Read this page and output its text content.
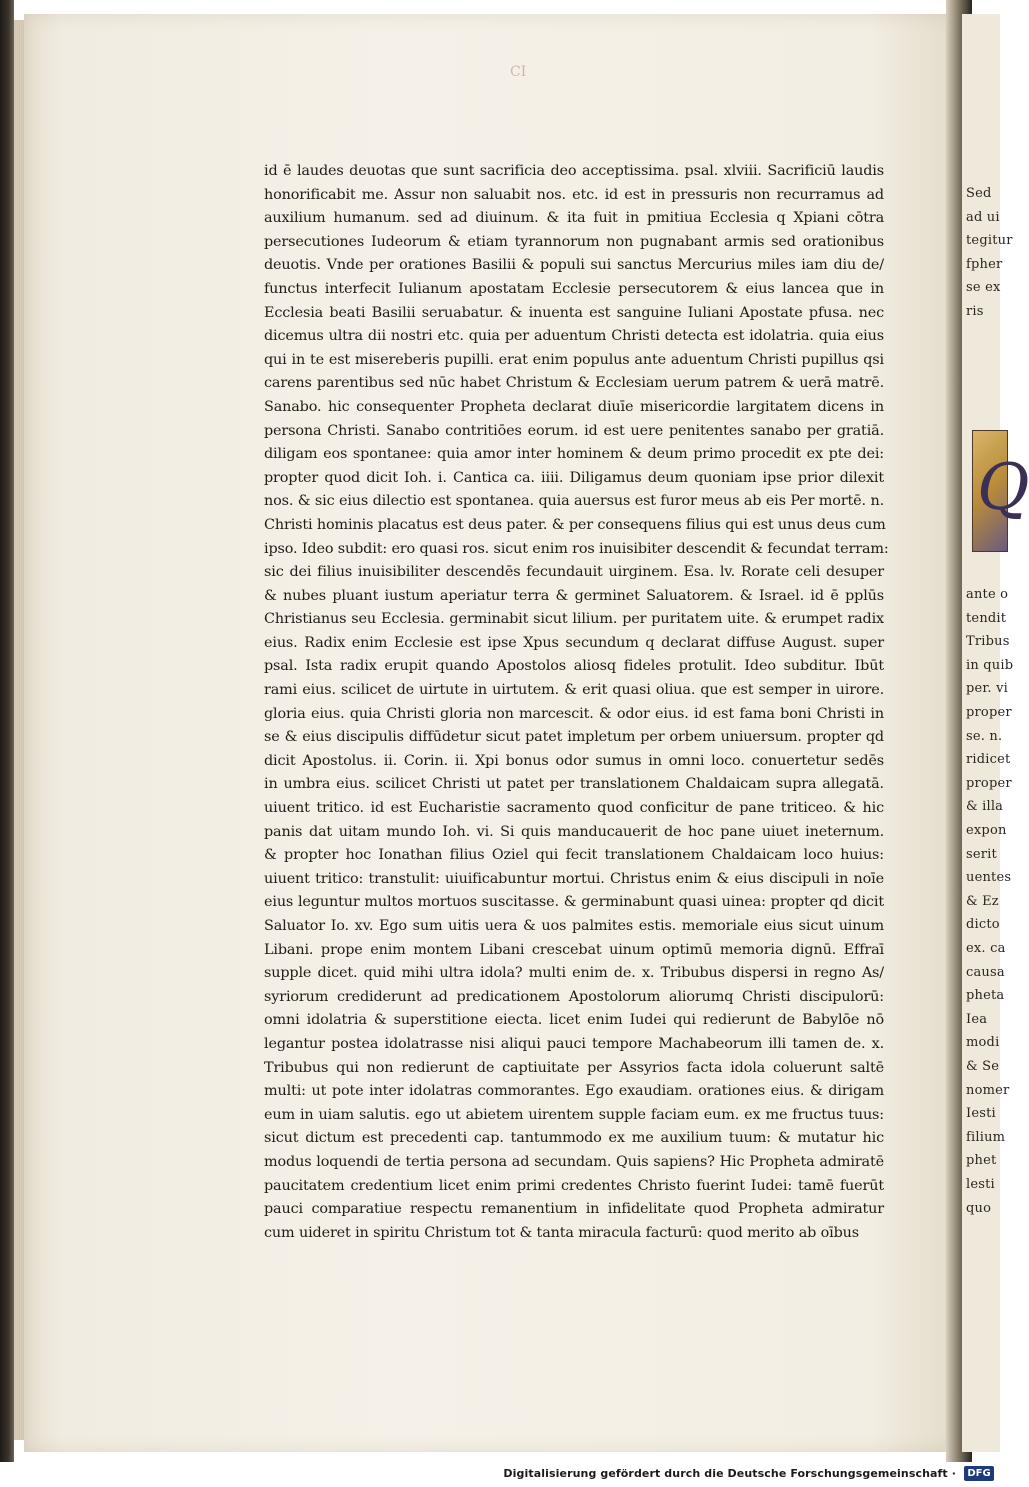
CI
id ē laudes deuotas que sunt sacrificia deo acceptissima. psal. xlviii. Sacrificiū laudis
honorificabit me. Assur non saluabit nos. etc. id est in pressuris non recurramus ad
auxilium humanum. sed ad diuinum. & ita fuit in pmitiua Ecclesia q Xpiani cōtra
persecutiones Iudeorum & etiam tyrannorum non pugnabant armis sed orationibus
deuotis. Vnde per orationes Basilii & populi sui sanctus Mercurius miles iam diu de/
functus interfecit Iulianum apostatam Ecclesie persecutorem & eius lancea que in
Ecclesia beati Basilii seruabatur. & inuenta est sanguine Iuliani Apostate pfusa. nec
dicemus ultra dii nostri etc. quia per aduentum Christi detecta est idolatria. quia eius
qui in te est misereberis pupilli. erat enim populus ante aduentum Christi pupillus qsi
carens parentibus sed nūc habet Christum & Ecclesiam uerum patrem & uerā matrē.
Sanabo. hic consequenter Propheta declarat diuīe misericordie largitatem dicens in
persona Christi. Sanabo contritiōes eorum. id est uere penitentes sanabo per gratiā.
diligam eos spontanee: quia amor inter hominem & deum primo procedit ex pte dei:
propter quod dicit Ioh. i. Cantica ca. iiii. Diligamus deum quoniam ipse prior dilexit
nos. & sic eius dilectio est spontanea. quia auersus est furor meus ab eis Per mortē. n.
Christi hominis placatus est deus pater. & per consequens filius qui est unus deus cum
ipso. Ideo subdit: ero quasi ros. sicut enim ros inuisibiter descendit & fecundat terram:
sic dei filius inuisibiliter descendēs fecundauit uirginem. Esa. lv. Rorate celi desuper
& nubes pluant iustum aperiatur terra & germinet Saluatorem. & Israel. id ē pplūs
Christianus seu Ecclesia. germinabit sicut lilium. per puritatem uite. & erumpet radix
eius. Radix enim Ecclesie est ipse Xpus secundum q declarat diffuse August. super
psal. Ista radix erupit quando Apostolos aliosq fideles protulit. Ideo subditur. Ibūt
rami eius. scilicet de uirtute in uirtutem. & erit quasi oliua. que est semper in uirore.
gloria eius. quia Christi gloria non marcescit. & odor eius. id est fama boni Christi in
se & eius discipulis diffūdetur sicut patet impletum per orbem uniuersum. propter qd
dicit Apostolus. ii. Corin. ii. Xpi bonus odor sumus in omni loco. conuertetur sedēs
in umbra eius. scilicet Christi ut patet per translationem Chaldaicam supra allegatā.
uiuent tritico. id est Eucharistie sacramento quod conficitur de pane triticeo. & hic
panis dat uitam mundo Ioh. vi. Si quis manducauerit de hoc pane uiuet ineternum.
& propter hoc Ionathan filius Oziel qui fecit translationem Chaldaicam loco huius:
uiuent tritico: transtulit: uiuificabuntur mortui. Christus enim & eius discipuli in noīe
eius leguntur multos mortuos suscitasse. & germinabunt quasi uinea: propter qd dicit
Saluator Io. xv. Ego sum uitis uera & uos palmites estis. memoriale eius sicut uinum
Libani. prope enim montem Libani crescebat uinum optimū memoria dignū. Effraī
supple dicet. quid mihi ultra idola? multi enim de. x. Tribubus dispersi in regno As/
syriorum crediderunt ad predicationem Apostolorum aliorumq Christi discipulorū:
omni idolatria & superstitione eiecta. licet enim Iudei qui redierunt de Babylōe nō
legantur postea idolatrasse nisi aliqui pauci tempore Machabeorum illi tamen de. x.
Tribubus qui non redierunt de captiuitate per Assyrios facta idola coluerunt saltē
multi: ut pote inter idolatras commorantes. Ego exaudiam. orationes eius. & dirigam
eum in uiam salutis. ego ut abietem uirentem supple faciam eum. ex me fructus tuus:
sicut dictum est precedenti cap. tantummodo ex me auxilium tuum: & mutatur hic
modus loquendi de tertia persona ad secundam. Quis sapiens? Hic Propheta admiratē
paucitatem credentium licet enim primi credentes Christo fuerint Iudei: tamē fuerūt
pauci comparatiue respectu remanentium in infidelitate quod Propheta admiratur
cum uideret in spiritu Christum tot & tanta miracula facturū: quod merito ab oībus
Sed
ad ui
tegitur
fpher
se ex
ris
ante o
tendit
Tribus
in quib
per. vi
proper
se. n.
ridicet
proper
& illa
expon
serit
uentes
& Ez
dicto
ex. ca
causa
pheta
Iea
modi
& Se
nomer
Iesti
filium
phet
lesti
quo
Q
Digitalisierung gefördert durch die Deutsche Forschungsgemeinschaft ·	DFG
